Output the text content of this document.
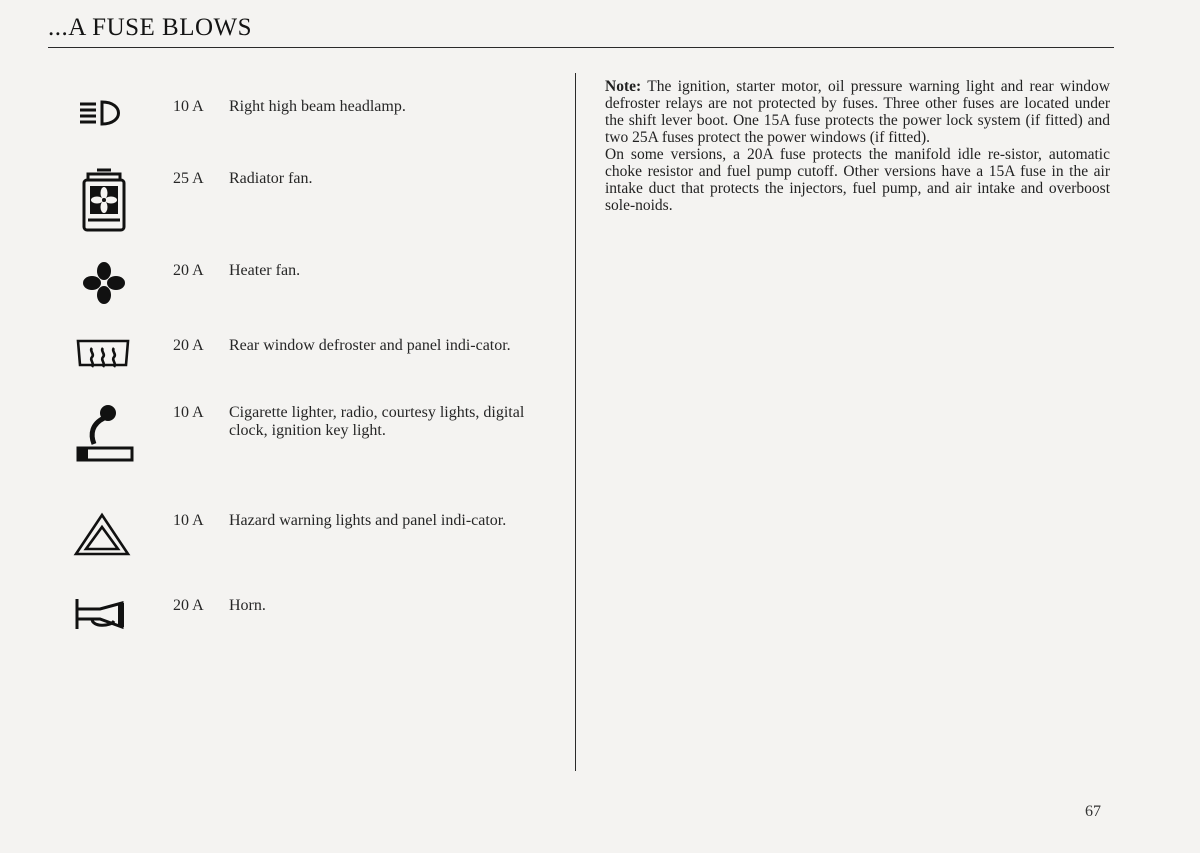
...A FUSE BLOWS
10 A	Right high beam headlamp.
25 A	Radiator fan.
20 A	Heater fan.
20 A	Rear window defroster and panel indi-cator.
10 A	Cigarette lighter, radio, courtesy lights, digital clock, ignition key light.
10 A	Hazard warning lights and panel indi-cator.
20 A	Horn.

Note: The ignition, starter motor, oil pressure warning light and rear window defroster relays are not protected by fuses. Three other fuses are located under the shift lever boot. One 15A fuse protects the power lock system (if fitted) and two 25A fuses protect the power windows (if fitted).

On some versions, a 20A fuse protects the manifold idle re-sistor, automatic choke resistor and fuel pump cutoff. Other versions have a 15A fuse in the air intake duct that protects the injectors, fuel pump, and air intake and overboost sole-noids.

67
